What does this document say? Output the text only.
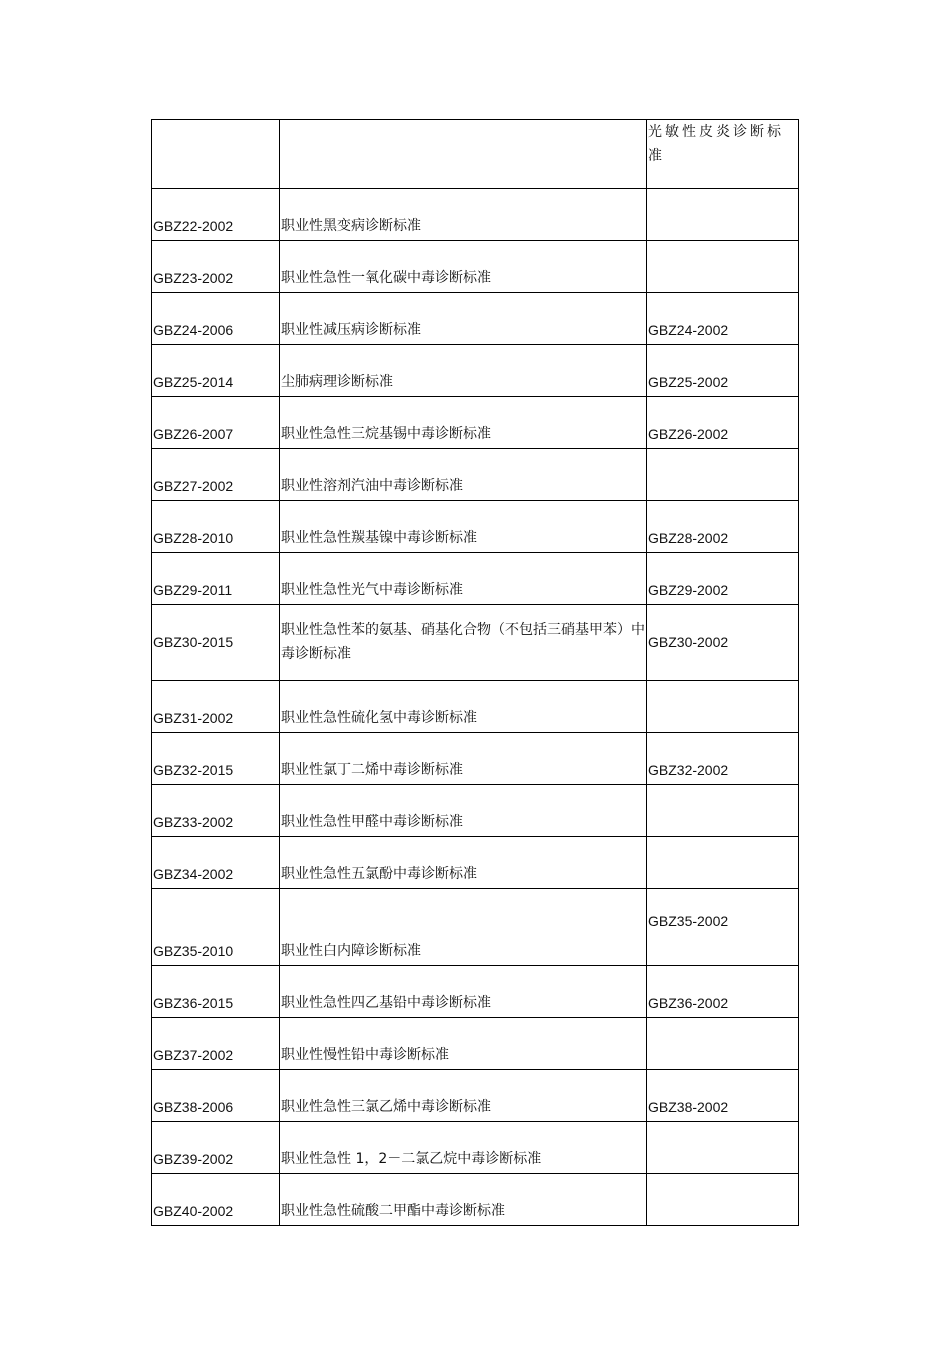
		光敏性皮炎诊断标准
GBZ22-2002	职业性黑变病诊断标准	
GBZ23-2002	职业性急性一氧化碳中毒诊断标准	
GBZ24-2006	职业性减压病诊断标准	GBZ24-2002
GBZ25-2014	尘肺病理诊断标准	GBZ25-2002
GBZ26-2007	职业性急性三烷基锡中毒诊断标准	GBZ26-2002
GBZ27-2002	职业性溶剂汽油中毒诊断标准	
GBZ28-2010	职业性急性羰基镍中毒诊断标准	GBZ28-2002
GBZ29-2011	职业性急性光气中毒诊断标准	GBZ29-2002
GBZ30-2015	职业性急性苯的氨基、硝基化合物（不包括三硝基甲苯）中毒诊断标准	GBZ30-2002
GBZ31-2002	职业性急性硫化氢中毒诊断标准	
GBZ32-2015	职业性氯丁二烯中毒诊断标准	GBZ32-2002
GBZ33-2002	职业性急性甲醛中毒诊断标准	
GBZ34-2002	职业性急性五氯酚中毒诊断标准	
GBZ35-2010	职业性白内障诊断标准	GBZ35-2002
GBZ36-2015	职业性急性四乙基铅中毒诊断标准	GBZ36-2002
GBZ37-2002	职业性慢性铅中毒诊断标准	
GBZ38-2006	职业性急性三氯乙烯中毒诊断标准	GBZ38-2002
GBZ39-2002	职业性急性 1，2－二氯乙烷中毒诊断标准	
GBZ40-2002	职业性急性硫酸二甲酯中毒诊断标准	
